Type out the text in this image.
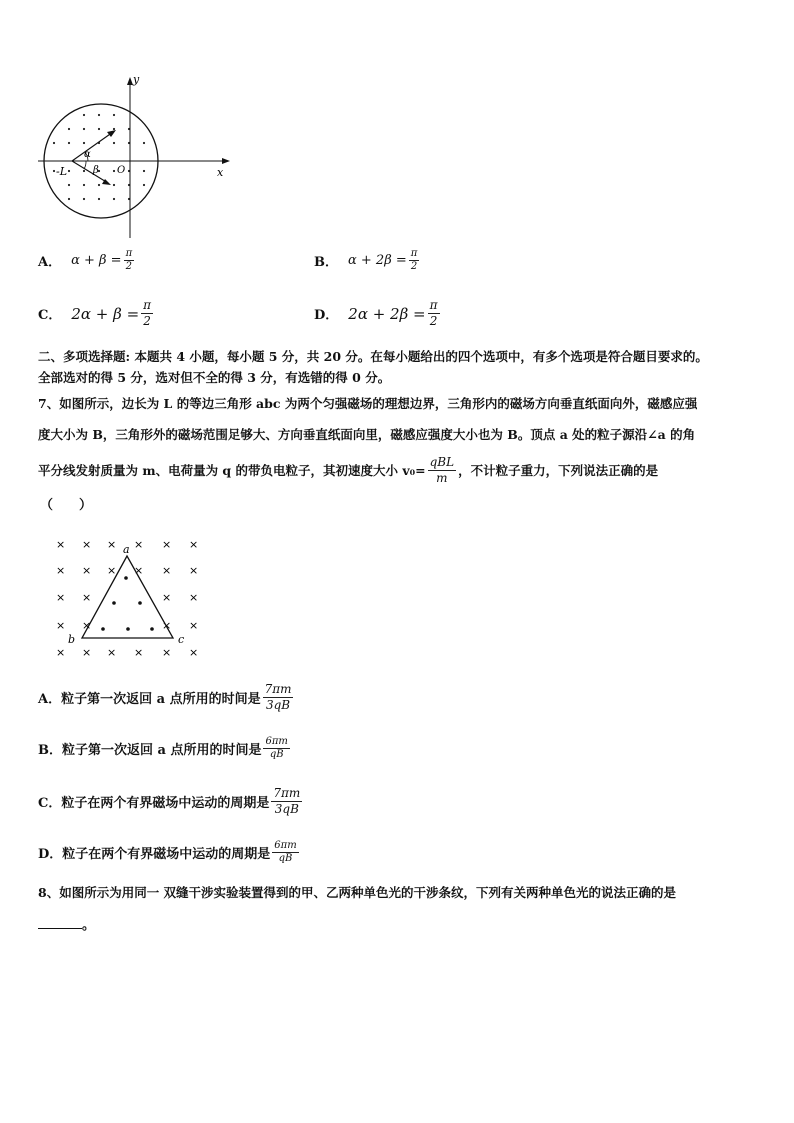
y
x
O
-L
α
β
A． $\alpha + \beta = \frac{\pi}{2}$	B． $\alpha + 2\beta = \frac{\pi}{2}$
C． $2\alpha + \beta = \frac{\pi}{2}$	D． $2\alpha + 2\beta = \frac{\pi}{2}$
二、多项选择题: 本题共 4 小题，每小题 5 分，共 20 分。在每小题给出的四个选项中，有多个选项是符合题目要求的。
全部选对的得 5 分，选对但不全的得 3 分，有选错的得 0 分。
7、如图所示，边长为 L 的等边三角形 abc 为两个匀强磁场的理想边界，三角形内的磁场方向垂直纸面向外，磁感应强
度大小为 B，三角形外的磁场范围足够大、方向垂直纸面向里，磁感应强度大小也为 B。顶点 a 处的粒子源沿∠a 的角
平分线发射质量为 m、电荷量为 q 的带负电粒子，其初速度大小 $v_0= \frac{\text{qBL}}{m}$ ，不计粒子重力，下列说法正确的是
（　　）
× × × × × ×
× × × × × ×
× ×	× ×
× ×	× ×
× × × × × ×
a
b	c
A． 粒子第一次返回 a 点所用的时间是 $\frac{7\pi m}{3qB}$
B． 粒子第一次返回 a 点所用的时间是 $\frac{6\pi m}{qB}$
C． 粒子在两个有界磁场中运动的周期是 $\frac{7\pi m}{3qB}$
D． 粒子在两个有界磁场中运动的周期是 $\frac{6\pi m}{qB}$
8、如图所示为用同一 双缝干涉实验装置得到的甲、乙两种单色光的干涉条纹，下列有关两种单色光的说法正确的是
。
